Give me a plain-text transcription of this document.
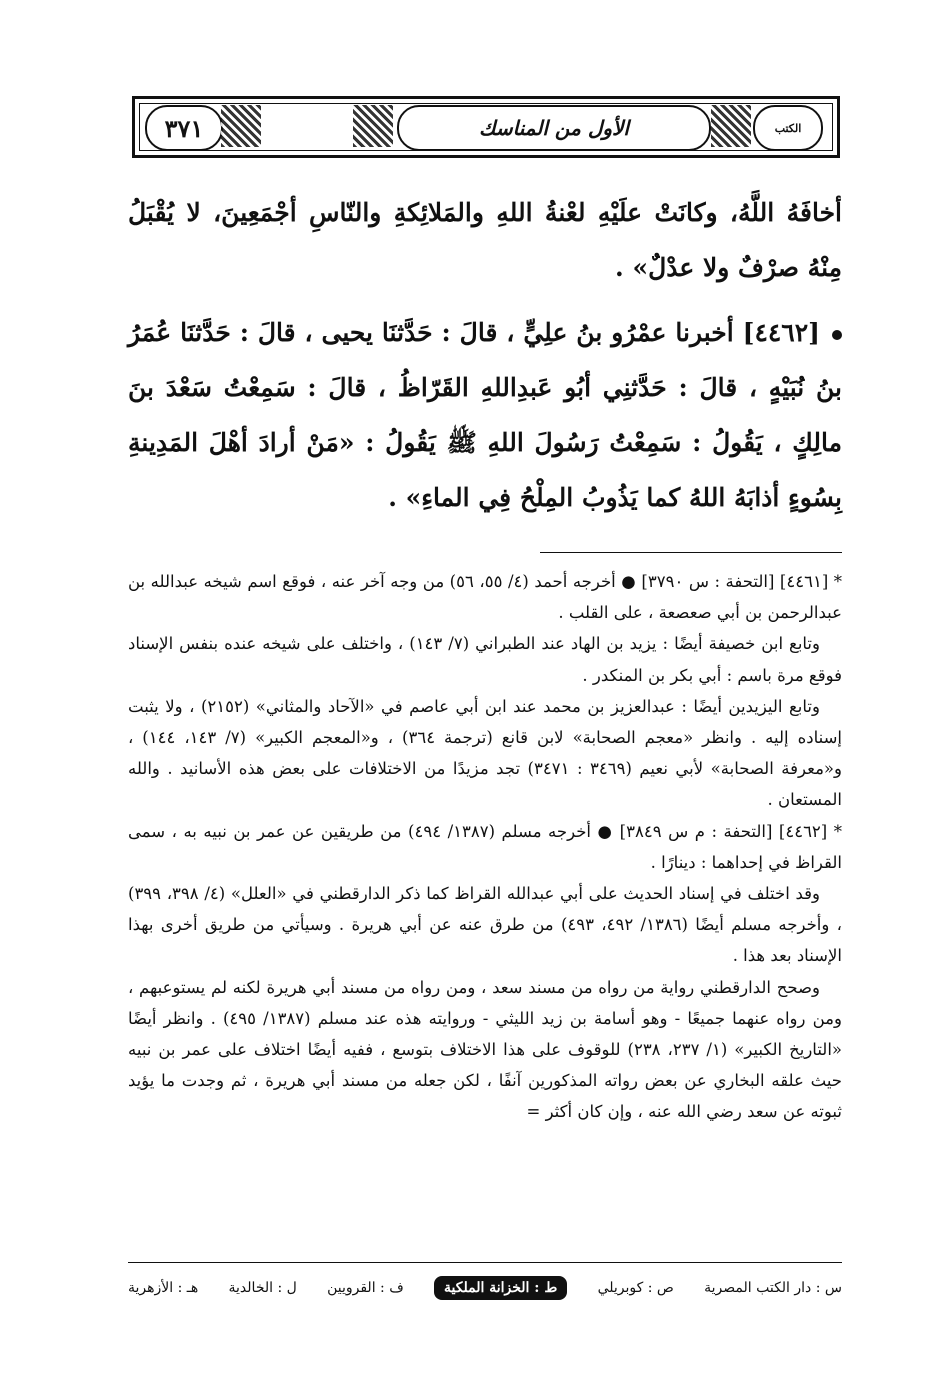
٣٧١	الأول من المناسك	الكتب

أخافَهُ اللَّهُ، وكانَتْ علَيْهِ لعْنةُ اللهِ والمَلائِكةِ والنّاسِ أجْمَعِينَ، لا يُقْبَلُ مِنْهُ صرْفٌ ولا عدْلٌ» .

[٤٤٦٢] أخبرنا عمْرُو بنُ علِيٍّ ، قالَ : حَدَّثنَا يحيى ، قالَ : حَدَّثنَا عُمَرُ بنُ نُبَيْهٍ ، قالَ : حَدَّثنِي أبُو عَبدِاللهِ القَرّاظُ ، قالَ : سَمِعْتُ سَعْدَ بنَ مالِكٍ ، يَقُولُ : سَمِعْتُ رَسُولَ اللهِ ﷺ يَقُولُ : «مَنْ أرادَ أهْلَ المَدِينةِ بِسُوءٍ أذابَهُ اللهُ كما يَذُوبُ المِلْحُ فِي الماءِ» .

* [٤٤٦١] [التحفة : س ٣٧٩٠] ● أخرجه أحمد (٤/ ٥٥، ٥٦) من وجه آخر عنه ، فوقع اسم شيخه عبدالله بن عبدالرحمن بن أبي صعصعة ، على القلب .

وتابع ابن خصيفة أيضًا : يزيد بن الهاد عند الطبراني (٧/ ١٤٣) ، واختلف على شيخه عنده بنفس الإسناد فوقع مرة باسم : أبي بكر بن المنكدر .

وتابع اليزيدين أيضًا : عبدالعزيز بن محمد عند ابن أبي عاصم في «الآحاد والمثاني» (٢١٥٢) ، ولا يثبت إسناده إليه . وانظر «معجم الصحابة» لابن قانع (ترجمة ٣٦٤) ، و«المعجم الكبير» (٧/ ١٤٣، ١٤٤) ، و«معرفة الصحابة» لأبي نعيم (٣٤٦٩ : ٣٤٧١) تجد مزيدًا من الاختلافات على بعض هذه الأسانيد . والله المستعان .

* [٤٤٦٢] [التحفة : م س ٣٨٤٩] ● أخرجه مسلم (١٣٨٧/ ٤٩٤) من طريقين عن عمر بن نبيه به ، سمى القراظ في إحداهما : دينارًا .

وقد اختلف في إسناد الحديث على أبي عبدالله القراظ كما ذكر الدارقطني في «العلل» (٤/ ٣٩٨، ٣٩٩) ، وأخرجه مسلم أيضًا (١٣٨٦/ ٤٩٢، ٤٩٣) من طرق عنه عن أبي هريرة . وسيأتي من طريق أخرى بهذا الإسناد بعد هذا .

وصحح الدارقطني رواية من رواه من مسند سعد ، ومن رواه من مسند أبي هريرة لكنه لم يستوعبهم ، ومن رواه عنهما جميعًا - وهو أسامة بن زيد الليثي - وروايته هذه عند مسلم (١٣٨٧/ ٤٩٥) . وانظر أيضًا «التاريخ الكبير» (١/ ٢٣٧، ٢٣٨) للوقوف على هذا الاختلاف بتوسع ، ففيه أيضًا اختلاف على عمر بن نبيه حيث علقه البخاري عن بعض رواته المذكورين آنفًا ، لكن جعله من مسند أبي هريرة ، ثم وجدت ما يؤيد ثبوته عن سعد رضي الله عنه ، وإن كان أكثر =

س : دار الكتب المصرية
ص : كوبريلي
ط : الخزانة الملكية
ف : القرويين
ل : الخالدية
هـ : الأزهرية
